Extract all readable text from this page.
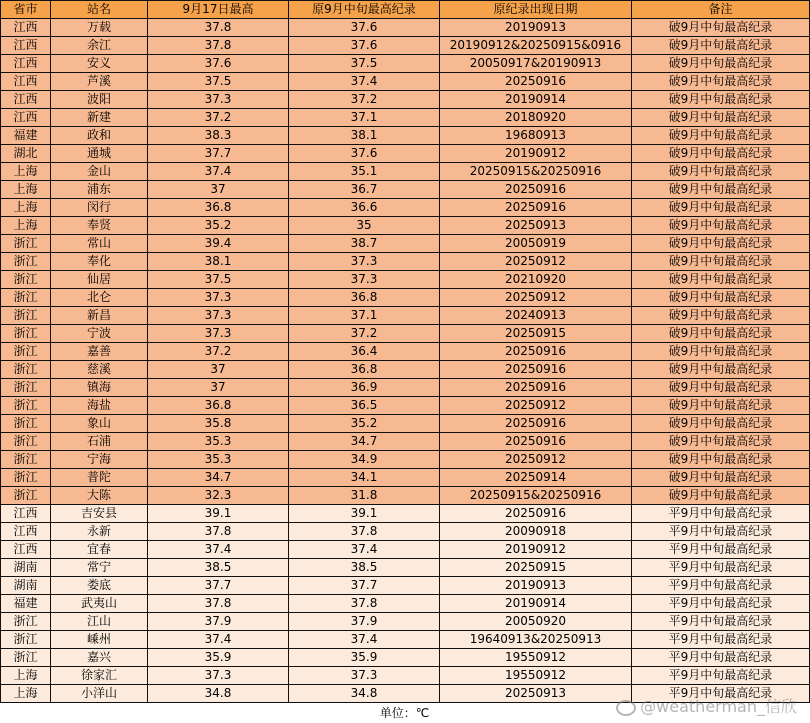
省市	站名	9月17日最高	原9月中旬最高纪录	原纪录出现日期	备注
江西	万载	37.8	37.6	20190913	破9月中旬最高纪录
江西	余江	37.8	37.6	20190912&20250915&0916	破9月中旬最高纪录
江西	安义	37.6	37.5	20050917&20190913	破9月中旬最高纪录
江西	芦溪	37.5	37.4	20250916	破9月中旬最高纪录
江西	波阳	37.3	37.2	20190914	破9月中旬最高纪录
江西	新建	37.2	37.1	20180920	破9月中旬最高纪录
福建	政和	38.3	38.1	19680913	破9月中旬最高纪录
湖北	通城	37.7	37.6	20190912	破9月中旬最高纪录
上海	金山	37.4	35.1	20250915&20250916	破9月中旬最高纪录
上海	浦东	37	36.7	20250916	破9月中旬最高纪录
上海	闵行	36.8	36.6	20250916	破9月中旬最高纪录
上海	奉贤	35.2	35	20250913	破9月中旬最高纪录
浙江	常山	39.4	38.7	20050919	破9月中旬最高纪录
浙江	奉化	38.1	37.3	20250912	破9月中旬最高纪录
浙江	仙居	37.5	37.3	20210920	破9月中旬最高纪录
浙江	北仑	37.3	36.8	20250912	破9月中旬最高纪录
浙江	新昌	37.3	37.1	20240913	破9月中旬最高纪录
浙江	宁波	37.3	37.2	20250915	破9月中旬最高纪录
浙江	嘉善	37.2	36.4	20250916	破9月中旬最高纪录
浙江	慈溪	37	36.8	20250916	破9月中旬最高纪录
浙江	镇海	37	36.9	20250916	破9月中旬最高纪录
浙江	海盐	36.8	36.5	20250912	破9月中旬最高纪录
浙江	象山	35.8	35.2	20250916	破9月中旬最高纪录
浙江	石浦	35.3	34.7	20250916	破9月中旬最高纪录
浙江	宁海	35.3	34.9	20250912	破9月中旬最高纪录
浙江	普陀	34.7	34.1	20250914	破9月中旬最高纪录
浙江	大陈	32.3	31.8	20250915&20250916	破9月中旬最高纪录
江西	吉安县	39.1	39.1	20250916	平9月中旬最高纪录
江西	永新	37.8	37.8	20090918	平9月中旬最高纪录
江西	宜春	37.4	37.4	20190912	平9月中旬最高纪录
湖南	常宁	38.5	38.5	20250915	平9月中旬最高纪录
湖南	娄底	37.7	37.7	20190913	平9月中旬最高纪录
福建	武夷山	37.8	37.8	20190914	平9月中旬最高纪录
浙江	江山	37.9	37.9	20050920	平9月中旬最高纪录
浙江	嵊州	37.4	37.4	19640913&20250913	平9月中旬最高纪录
浙江	嘉兴	35.9	35.9	19550912	平9月中旬最高纪录
上海	徐家汇	37.3	37.3	19550912	平9月中旬最高纪录
上海	小洋山	34.8	34.8	20250913	平9月中旬最高纪录
单位：℃	@weatherman_信欣
